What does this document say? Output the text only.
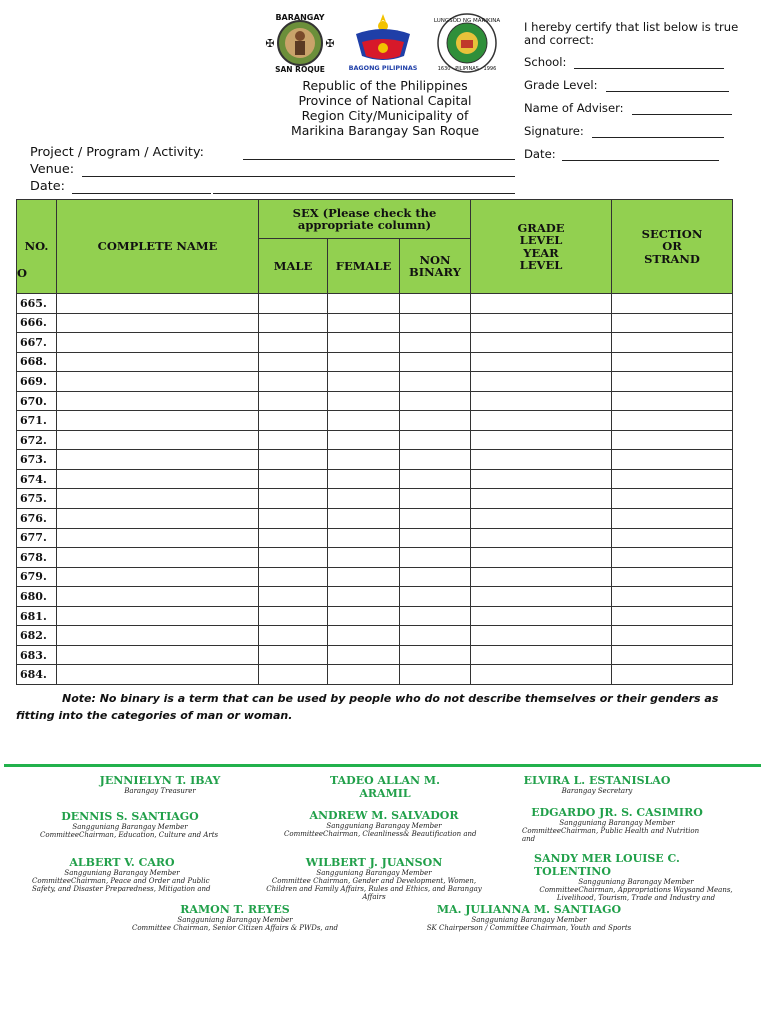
BARANGAY
SAN ROQUE
✠	✠
BAGONG PILIPINAS
LUNGSOD NG MARIKINA
1630 · PILIPINAS · 1996
Republic of the Philippines
Province of National Capital
Region City/Municipality of
Marikina Barangay San Roque
I hereby certify that list below is true and correct:
School:
Grade Level:
Name of Adviser:
Signature:
Date:
Project / Program / Activity:
Venue:
Date:
NO.
O	COMPLETE NAME	SEX (Please check the appropriate column)			GRADE LEVEL YEAR LEVEL	SECTION OR STRAND
		MALE	FEMALE	NON BINARY		
665.						
666.						
667.						
668.						
669.						
670.						
671.						
672.						
673.						
674.						
675.						
676.						
677.						
678.						
679.						
680.						
681.						
682.						
683.						
684.						
Note: No binary is a term that can be used by people who do not describe themselves or their genders as fitting into the categories of man or woman.
JENNIELYN T. IBAY
Barangay Treasurer
TADEO ALLAN M. ARAMIL
ELVIRA L. ESTANISLAO
Barangay Secretary
DENNIS S. SANTIAGO
Sangguniang Barangay Member
CommitteeChairman, Education, Culture and Arts
ANDREW M. SALVADOR
Sangguniang Barangay Member
CommitteeChairman, Cleanliness& Beautification and
EDGARDO JR. S. CASIMIRO
Sangguniang Barangay Member
CommitteeChairman, Public Health and Nutrition and
ALBERT V. CARO
Sangguniang Barangay Member
CommitteeChairman, Peace and Order and Public Safety, and Disaster Preparedness, Mitigation and
WILBERT J. JUANSON
Sangguniang Barangay Member
Committee Chairman, Gender and Development, Women, Children and Family Affairs, Rules and Ethics, and Barangay Affairs
SANDY MER LOUISE C. TOLENTINO
Sangguniang Barangay Member
CommitteeChairman, Appropriations Waysand Means, Livelihood, Tourism, Trade and Industry and
RAMON T. REYES
Sangguniang Barangay Member
Committee Chairman, Senior Citizen Affairs & PWDs, and
MA. JULIANNA M. SANTIAGO
Sangguniang Barangay Member
SK Chairperson / Committee Chairman, Youth and Sports
